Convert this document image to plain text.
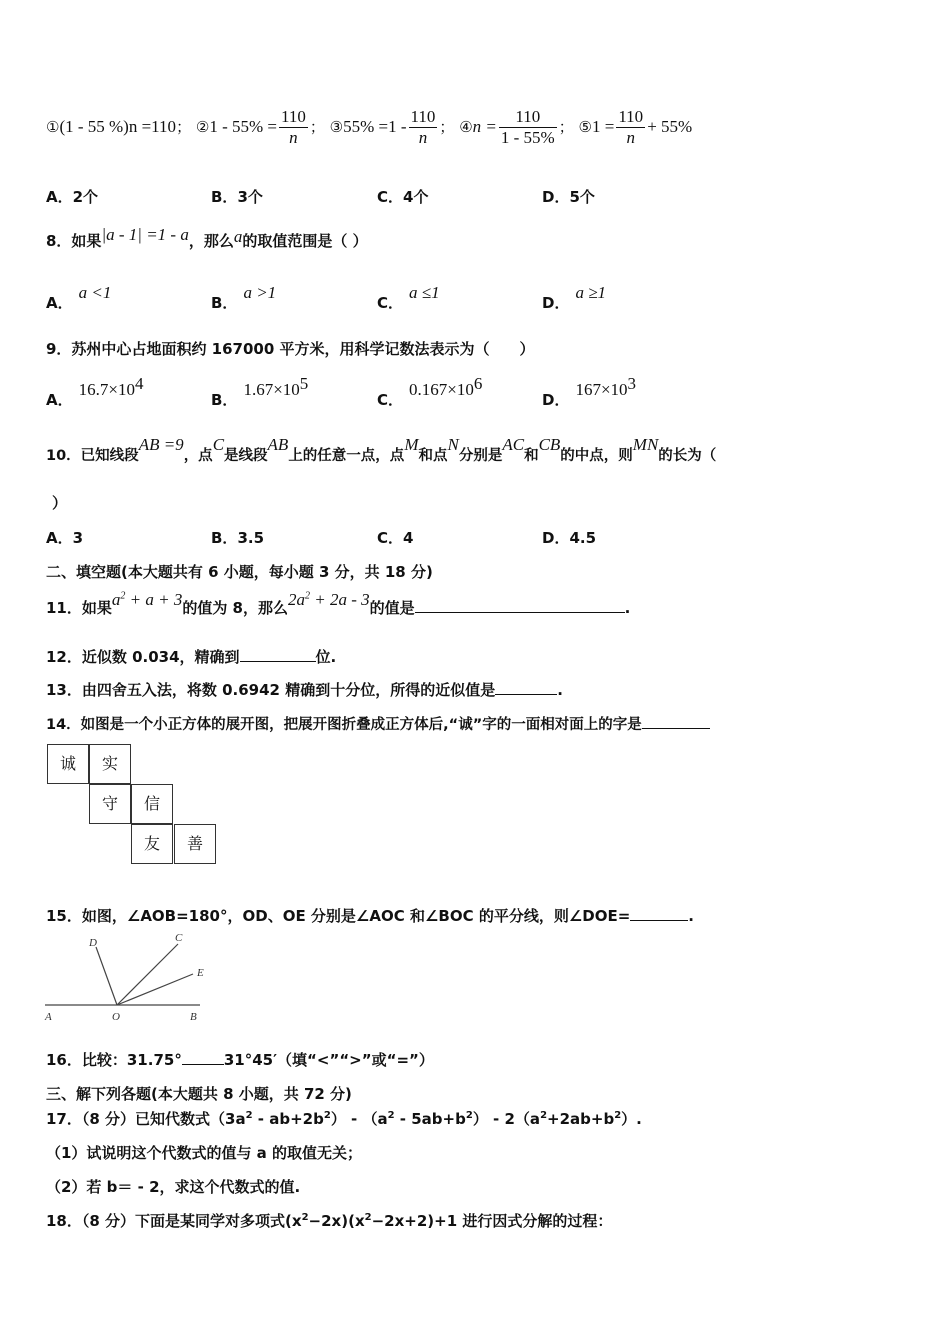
①(1 - 55 %)n =110； ②1 - $55\% = \frac{110}{n}$ ； ③55% $=1 - \frac{110}{n}$ ； ④n = $\frac{110}{1 - 55\%}$ ； ⑤1 = $\frac{110}{n} + 55\%$
A．2个	B．3个	C．4个	D．5个
8．如果|a - 1| =1 - a，那么a的取值范围是（ ）
A．a <1
B．a >1
C．a ≤1
D．a ≥1
9．苏州中心占地面积约 167000 平方米，用科学记数法表示为（　　）
A．$16.7\times 10^4$
B．$1.67\times 10^5$
C．$0.167\times 10^6$
D．$167\times 10^3$
10．已知线段AB =9，点C是线段AB上的任意一点，点M和点N分别是AC和CB的中点，则MN的长为（
）
A．3	B．3.5	C．4	D．4.5
二、填空题(本大题共有 6 小题，每小题 3 分，共 18 分)
11．如果$a^2 + a + 3$的值为 8，那么$2a^2 + 2a - 3$的值是	.
12．近似数 0.034，精确到	位.
13．由四舍五入法，将数 0.6942 精确到十分位，所得的近似值是	.
14．如图是一个小正方体的展开图，把展开图折叠成正方体后,“诚”字的一面相对面上的字是
诚	实
守	信
友	善
15．如图，∠AOB=180°，OD、OE 分别是∠AOC 和∠BOC 的平分线，则∠DOE=	.
A	O	B
D	C
E
16．比较：31.75°	31°45′（填“<”“>”或“=”）
三、解下列各题(本大题共 8 小题，共 72 分)
17．（8 分）已知代数式$(3a^2 - ab+2b^2) - (a^2 - 5ab+b^2) - 2(a^2+2ab+b^2)$.
（1）试说明这个代数式的值与 a 的取值无关；
（2）若 b＝ - 2，求这个代数式的值.
18．（8 分）下面是某同学对多项式$(x^2-2x)(x^2-2x+2)+1$ 进行因式分解的过程：
